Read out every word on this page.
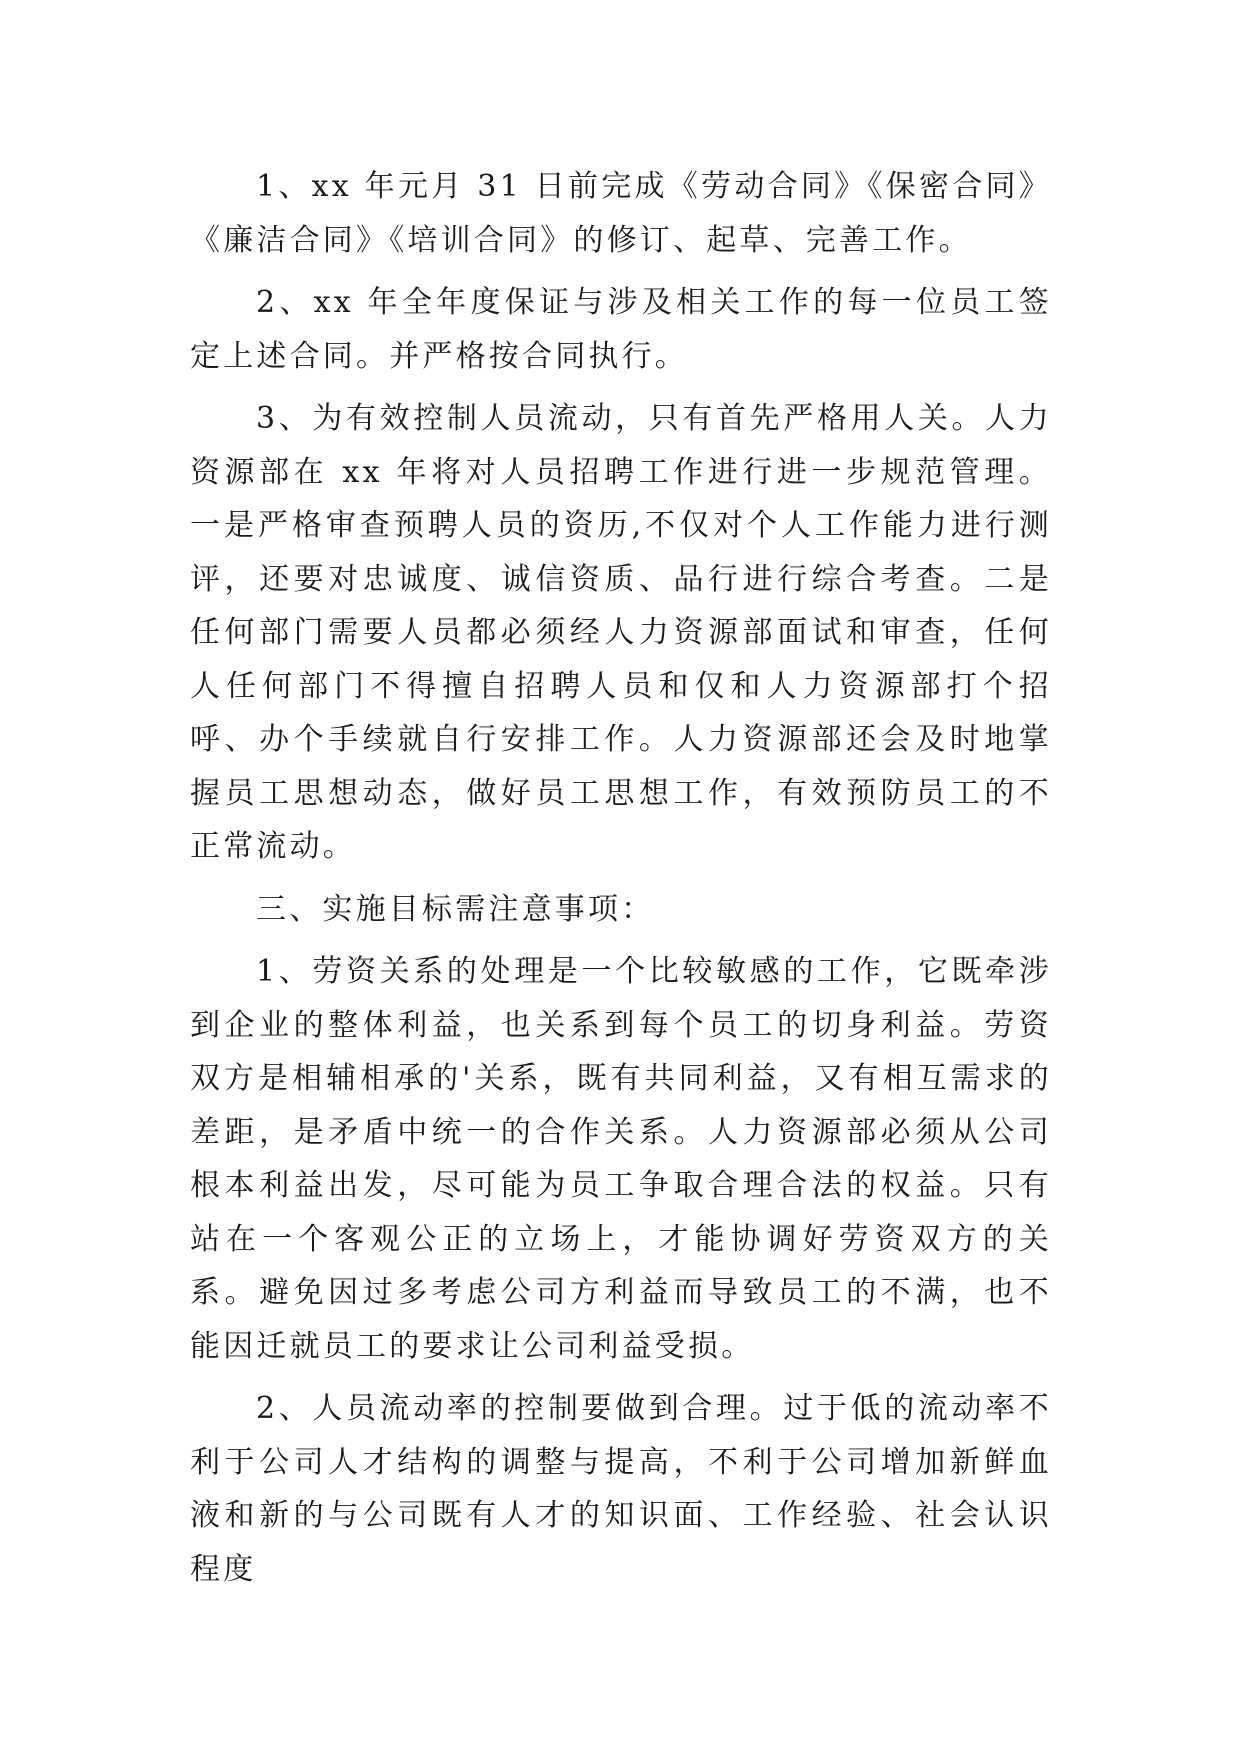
1、xx 年元月 31 日前完成《劳动合同》《保密合同》《廉洁合同》《培训合同》的修订、起草、完善工作。

2、xx 年全年度保证与涉及相关工作的每一位员工签定上述合同。并严格按合同执行。

3、为有效控制人员流动，只有首先严格用人关。人力资源部在 xx 年将对人员招聘工作进行进一步规范管理。一是严格审查预聘人员的资历,不仅对个人工作能力进行测评，还要对忠诚度、诚信资质、品行进行综合考查。二是任何部门需要人员都必须经人力资源部面试和审查，任何人任何部门不得擅自招聘人员和仅和人力资源部打个招呼、办个手续就自行安排工作。人力资源部还会及时地掌握员工思想动态，做好员工思想工作，有效预防员工的不正常流动。

三、实施目标需注意事项：

1、劳资关系的处理是一个比较敏感的工作，它既牵涉到企业的整体利益，也关系到每个员工的切身利益。劳资双方是相辅相承的'关系，既有共同利益，又有相互需求的差距，是矛盾中统一的合作关系。人力资源部必须从公司根本利益出发，尽可能为员工争取合理合法的权益。只有站在一个客观公正的立场上，才能协调好劳资双方的关系。避免因过多考虑公司方利益而导致员工的不满，也不能因迁就员工的要求让公司利益受损。

2、人员流动率的控制要做到合理。过于低的流动率不利于公司人才结构的调整与提高，不利于公司增加新鲜血液和新的与公司既有人才的知识面、工作经验、社会认识程度
